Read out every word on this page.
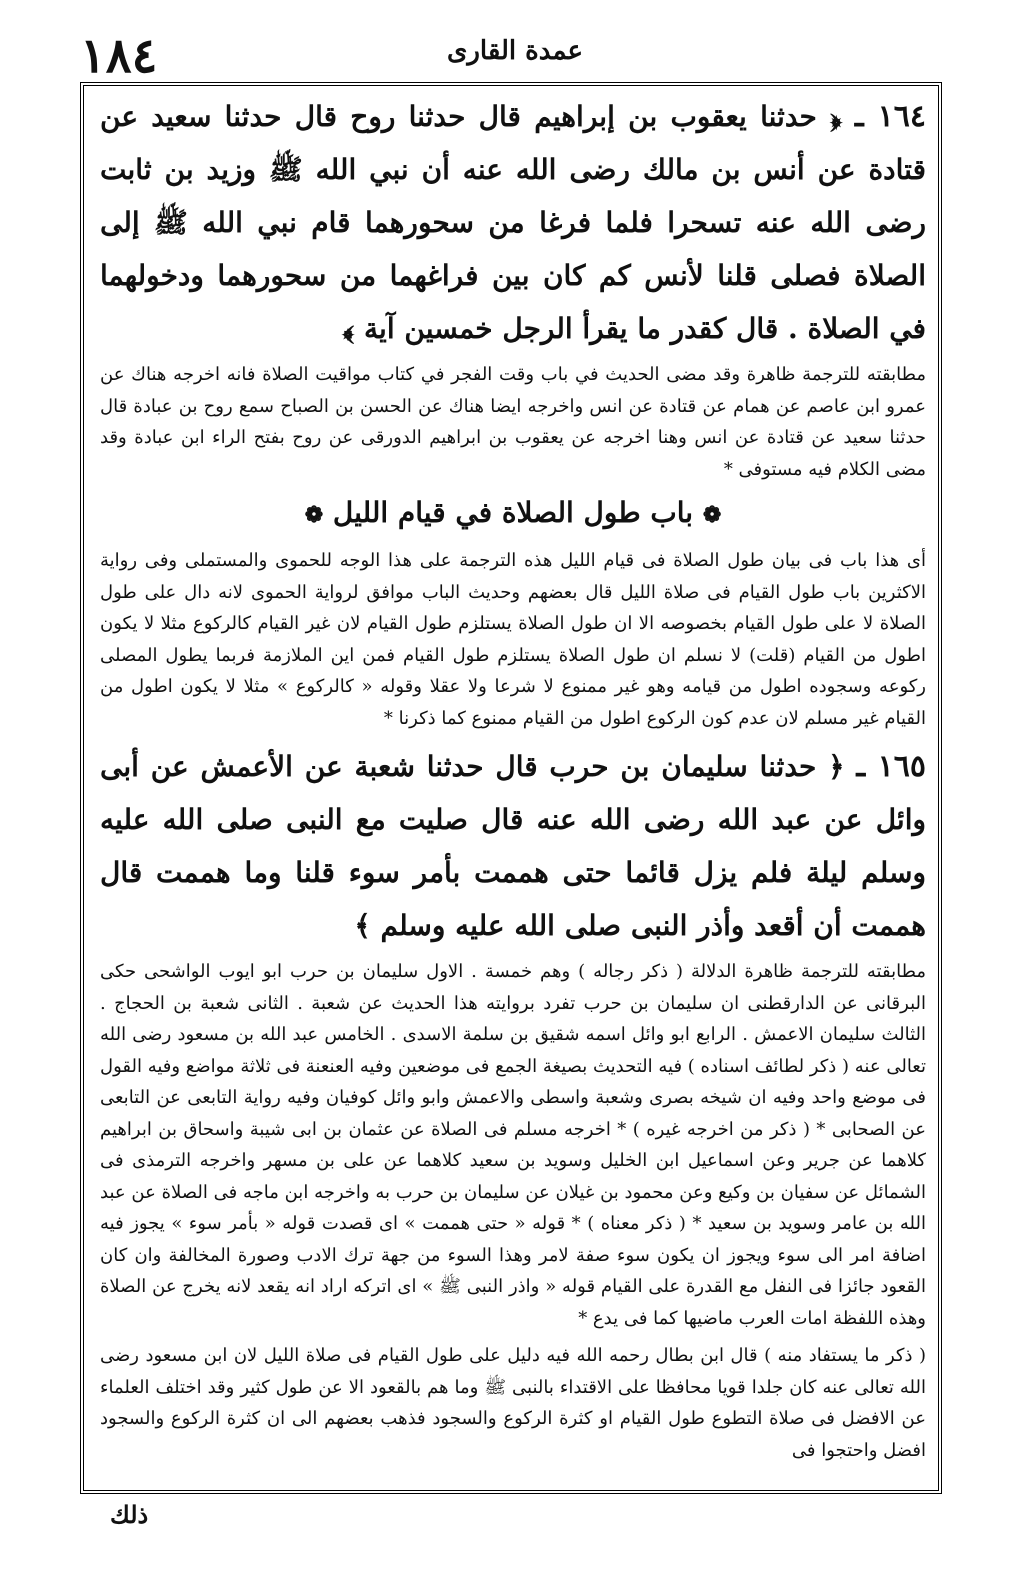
١٨٤	عمدة القارى

١٦٤ ـ ﴿ حدثنا يعقوب بن إبراهيم قال حدثنا روح قال حدثنا سعيد عن قتادة عن أنس بن مالك رضى الله عنه أن نبي الله ﷺ وزيد بن ثابت رضى الله عنه تسحرا فلما فرغا من سحورهما قام نبي الله ﷺ إلى الصلاة فصلى قلنا لأنس كم كان بين فراغهما من سحورهما ودخولهما في الصلاة . قال كقدر ما يقرأ الرجل خمسين آية ﴾

مطابقته للترجمة ظاهرة وقد مضى الحديث في باب وقت الفجر في كتاب مواقيت الصلاة فانه اخرجه هناك عن عمرو ابن عاصم عن همام عن قتادة عن انس واخرجه ايضا هناك عن الحسن بن الصباح سمع روح بن عبادة قال حدثنا سعيد عن قتادة عن انس وهنا اخرجه عن يعقوب بن ابراهيم الدورقى عن روح بفتح الراء ابن عبادة وقد مضى الكلام فيه مستوفى *

❁ باب طول الصلاة في قيام الليل ❁

أى هذا باب فى بيان طول الصلاة فى قيام الليل هذه الترجمة على هذا الوجه للحموى والمستملى وفى رواية الاكثرين باب طول القيام فى صلاة الليل قال بعضهم وحديث الباب موافق لرواية الحموى لانه دال على طول الصلاة لا على طول القيام بخصوصه الا ان طول الصلاة يستلزم طول القيام لان غير القيام كالركوع مثلا لا يكون اطول من القيام (قلت) لا نسلم ان طول الصلاة يستلزم طول القيام فمن اين الملازمة فربما يطول المصلى ركوعه وسجوده اطول من قيامه وهو غير ممنوع لا شرعا ولا عقلا وقوله « كالركوع » مثلا لا يكون اطول من القيام غير مسلم لان عدم كون الركوع اطول من القيام ممنوع كما ذكرنا *

١٦٥ ـ ﴿ حدثنا سليمان بن حرب قال حدثنا شعبة عن الأعمش عن أبى وائل عن عبد الله رضى الله عنه قال صليت مع النبى صلى الله عليه وسلم ليلة فلم يزل قائما حتى هممت بأمر سوء قلنا وما هممت قال هممت أن أقعد وأذر النبى صلى الله عليه وسلم ﴾

مطابقته للترجمة ظاهرة الدلالة ( ذكر رجاله ) وهم خمسة . الاول سليمان بن حرب ابو ايوب الواشحى حكى البرقانى عن الدارقطنى ان سليمان بن حرب تفرد بروايته هذا الحديث عن شعبة . الثانى شعبة بن الحجاج . الثالث سليمان الاعمش . الرابع ابو وائل اسمه شقيق بن سلمة الاسدى . الخامس عبد الله بن مسعود رضى الله تعالى عنه ( ذكر لطائف اسناده ) فيه التحديث بصيغة الجمع فى موضعين وفيه العنعنة فى ثلاثة مواضع وفيه القول فى موضع واحد وفيه ان شيخه بصرى وشعبة واسطى والاعمش وابو وائل كوفيان وفيه رواية التابعى عن التابعى عن الصحابى * ( ذكر من اخرجه غيره ) * اخرجه مسلم فى الصلاة عن عثمان بن ابى شيبة واسحاق بن ابراهيم كلاهما عن جرير وعن اسماعيل ابن الخليل وسويد بن سعيد كلاهما عن على بن مسهر واخرجه الترمذى فى الشمائل عن سفيان بن وكيع وعن محمود بن غيلان عن سليمان بن حرب به واخرجه ابن ماجه فى الصلاة عن عبد الله بن عامر وسويد بن سعيد * ( ذكر معناه ) * قوله « حتى هممت » اى قصدت قوله « بأمر سوء » يجوز فيه اضافة امر الى سوء ويجوز ان يكون سوء صفة لامر وهذا السوء من جهة ترك الادب وصورة المخالفة وان كان القعود جائزا فى النفل مع القدرة على القيام قوله « واذر النبى ﷺ » اى اتركه اراد انه يقعد لانه يخرج عن الصلاة وهذه اللفظة امات العرب ماضيها كما فى يدع *

( ذكر ما يستفاد منه ) قال ابن بطال رحمه الله فيه دليل على طول القيام فى صلاة الليل لان ابن مسعود رضى الله تعالى عنه كان جلدا قويا محافظا على الاقتداء بالنبى ﷺ وما هم بالقعود الا عن طول كثير وقد اختلف العلماء عن الافضل فى صلاة التطوع طول القيام او كثرة الركوع والسجود فذهب بعضهم الى ان كثرة الركوع والسجود افضل واحتجوا فى

ذلك
